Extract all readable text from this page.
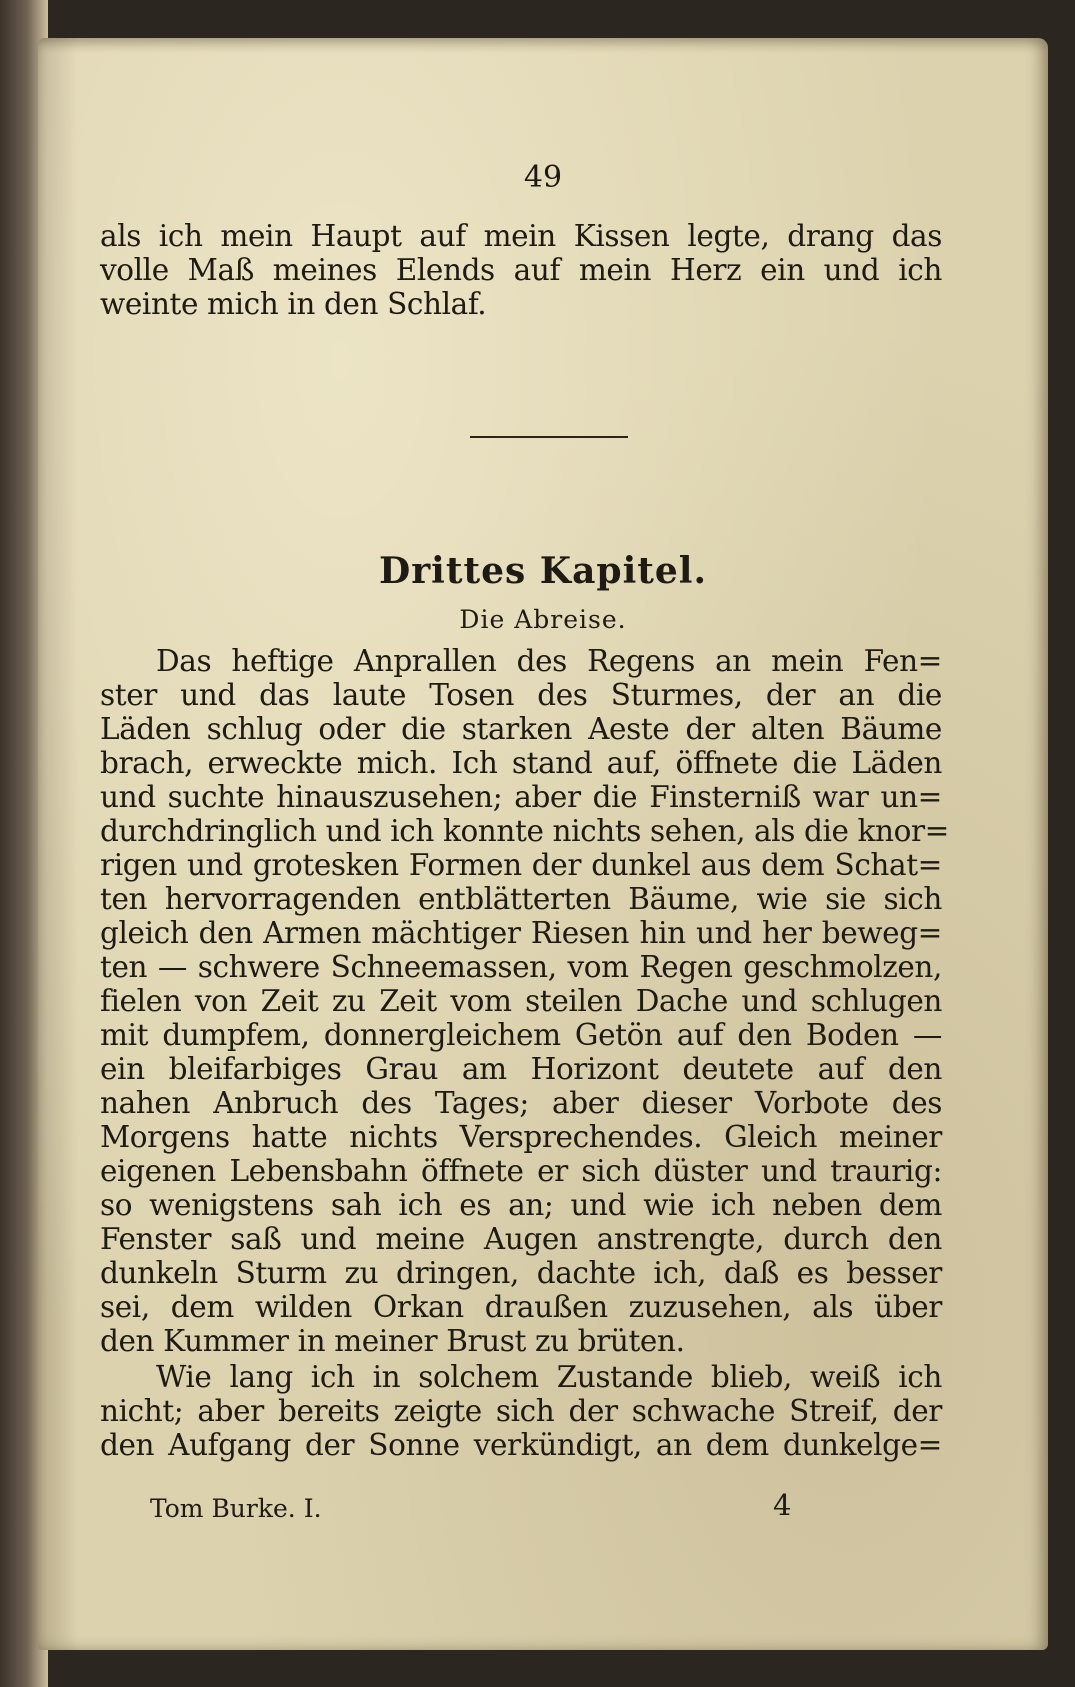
49
als ich mein Haupt auf mein Kissen legte, drang das
volle Maß meines Elends auf mein Herz ein und ich
weinte mich in den Schlaf.
Drittes Kapitel.
Die Abreise.
Das heftige Anprallen des Regens an mein Fen=
ster und das laute Tosen des Sturmes, der an die
Läden schlug oder die starken Aeste der alten Bäume
brach, erweckte mich. Ich stand auf, öffnete die Läden
und suchte hinauszusehen; aber die Finsterniß war un=
durchdringlich und ich konnte nichts sehen, als die knor=
rigen und grotesken Formen der dunkel aus dem Schat=
ten hervorragenden entblätterten Bäume, wie sie sich
gleich den Armen mächtiger Riesen hin und her beweg=
ten — schwere Schneemassen, vom Regen geschmolzen,
fielen von Zeit zu Zeit vom steilen Dache und schlugen
mit dumpfem, donnergleichem Getön auf den Boden —
ein bleifarbiges Grau am Horizont deutete auf den
nahen Anbruch des Tages; aber dieser Vorbote des
Morgens hatte nichts Versprechendes. Gleich meiner
eigenen Lebensbahn öffnete er sich düster und traurig:
so wenigstens sah ich es an; und wie ich neben dem
Fenster saß und meine Augen anstrengte, durch den
dunkeln Sturm zu dringen, dachte ich, daß es besser
sei, dem wilden Orkan draußen zuzusehen, als über
den Kummer in meiner Brust zu brüten.
Wie lang ich in solchem Zustande blieb, weiß ich
nicht; aber bereits zeigte sich der schwache Streif, der
den Aufgang der Sonne verkündigt, an dem dunkelge=
Tom Burke. I.	4
